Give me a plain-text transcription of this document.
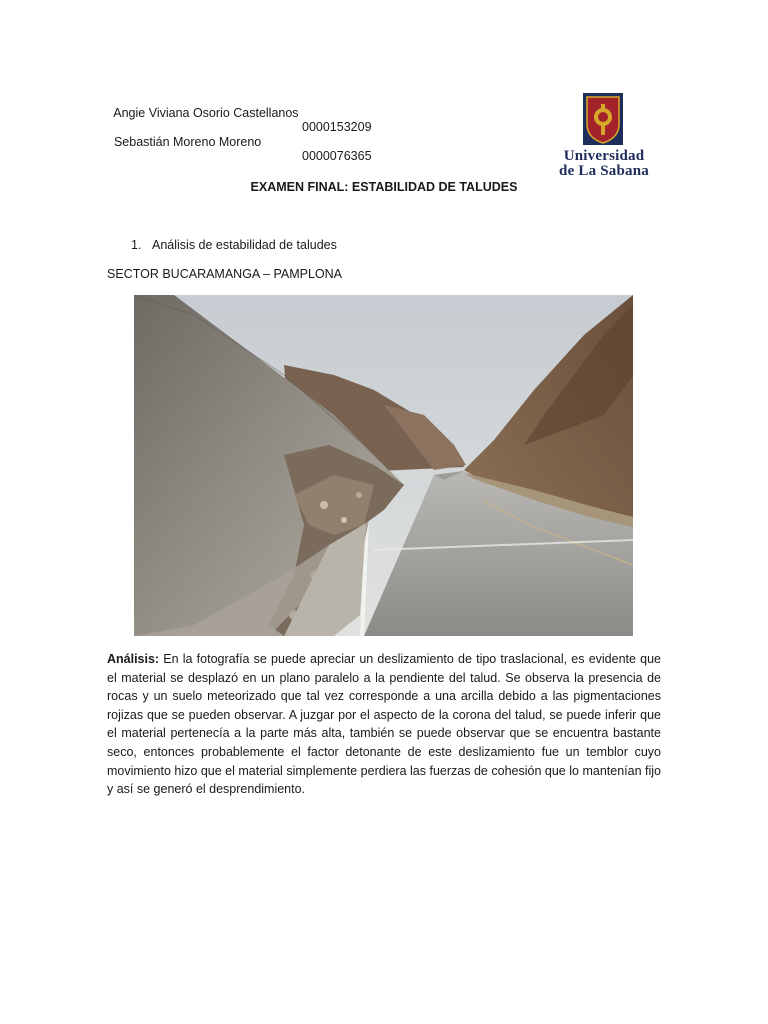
Angie Viviana Osorio Castellanos

0000153209

Sebastián Moreno Moreno

0000076365	Universidad
de La Sabana
EXAMEN FINAL: ESTABILIDAD DE TALUDES
1. Análisis de estabilidad de taludes
SECTOR BUCARAMANGA – PAMPLONA
Análisis: En la fotografía se puede apreciar un deslizamiento de tipo traslacional, es evidente que el material se desplazó en un plano paralelo a la pendiente del talud. Se observa la presencia de rocas y un suelo meteorizado que tal vez corresponde a una arcilla debido a las pigmentaciones rojizas que se pueden observar. A juzgar por el aspecto de la corona del talud, se puede inferir que el material pertenecía a la parte más alta, también se puede observar que se encuentra bastante seco, entonces probablemente el factor detonante de este deslizamiento fue un temblor cuyo movimiento hizo que el material simplemente perdiera las fuerzas de cohesión que lo mantenían fijo y así se generó el desprendimiento.
